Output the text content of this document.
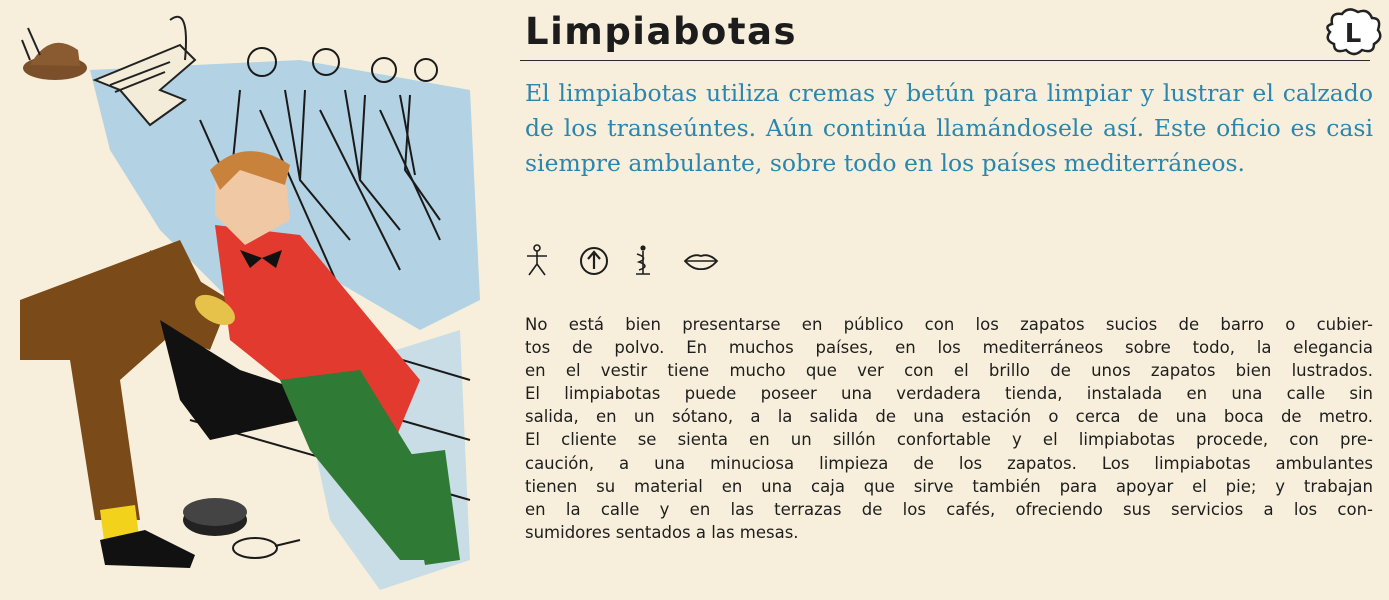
Limpiabotas	L

El limpiabotas utiliza cremas y betún para limpiar y lustrar el calzado de los transeúntes. Aún continúa llamándosele así. Este oficio es casi siempre ambulante, sobre todo en los países mediterráneos.

No está bien presentarse en público con los zapatos sucios de barro o cubier-
tos de polvo. En muchos países, en los mediterráneos sobre todo, la elegancia
en el vestir tiene mucho que ver con el brillo de unos zapatos bien lustrados.
El limpiabotas puede poseer una verdadera tienda, instalada en una calle sin
salida, en un sótano, a la salida de una estación o cerca de una boca de metro.
El cliente se sienta en un sillón confortable y el limpiabotas procede, con pre-
caución, a una minuciosa limpieza de los zapatos. Los limpiabotas ambulantes
tienen su material en una caja que sirve también para apoyar el pie; y trabajan
en la calle y en las terrazas de los cafés, ofreciendo sus servicios a los con-
sumidores sentados a las mesas.
